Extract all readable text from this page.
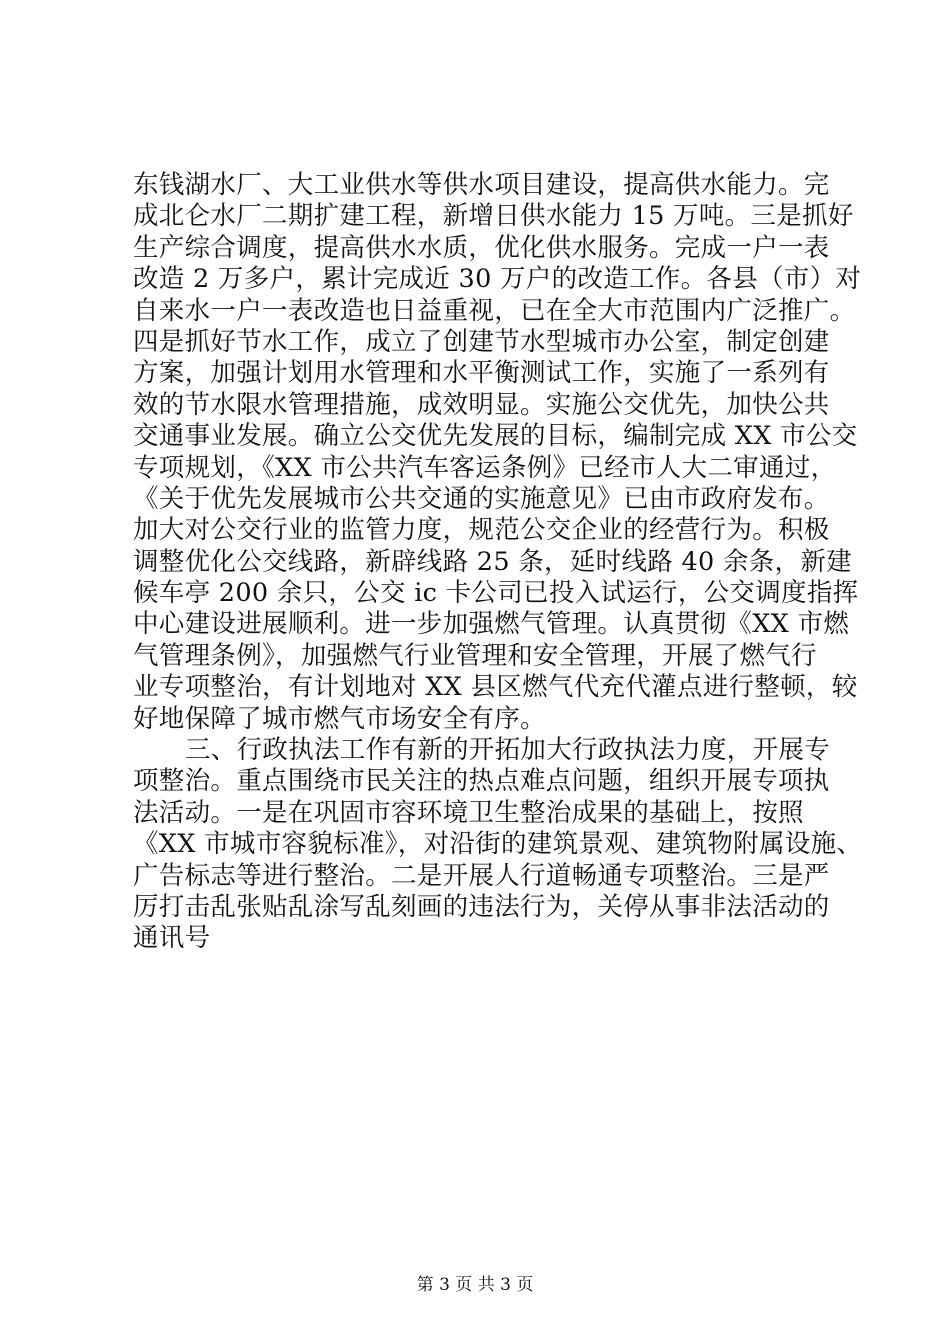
东钱湖水厂、大工业供水等供水项目建设，提高供水能力。完
成北仑水厂二期扩建工程，新增日供水能力 15 万吨。三是抓好
生产综合调度，提高供水水质，优化供水服务。完成一户一表
改造 2 万多户，累计完成近 30 万户的改造工作。各县（市）对
自来水一户一表改造也日益重视，已在全大市范围内广泛推广。
四是抓好节水工作，成立了创建节水型城市办公室，制定创建
方案，加强计划用水管理和水平衡测试工作，实施了一系列有
效的节水限水管理措施，成效明显。实施公交优先，加快公共
交通事业发展。确立公交优先发展的目标，编制完成 XX 市公交
专项规划，《XX 市公共汽车客运条例》已经市人大二审通过，
《关于优先发展城市公共交通的实施意见》已由市政府发布。
加大对公交行业的监管力度，规范公交企业的经营行为。积极
调整优化公交线路，新辟线路 25 条，延时线路 40 余条，新建
候车亭 200 余只，公交 ic 卡公司已投入试运行，公交调度指挥
中心建设进展顺利。进一步加强燃气管理。认真贯彻《XX 市燃
气管理条例》，加强燃气行业管理和安全管理，开展了燃气行
业专项整治，有计划地对 XX 县区燃气代充代灌点进行整顿，较
好地保障了城市燃气市场安全有序。
三、行政执法工作有新的开拓加大行政执法力度，开展专
项整治。重点围绕市民关注的热点难点问题，组织开展专项执
法活动。一是在巩固市容环境卫生整治成果的基础上，按照
《XX 市城市容貌标准》，对沿街的建筑景观、建筑物附属设施、
广告标志等进行整治。二是开展人行道畅通专项整治。三是严
厉打击乱张贴乱涂写乱刻画的违法行为，关停从事非法活动的
通讯号
第 3 页 共 3 页
